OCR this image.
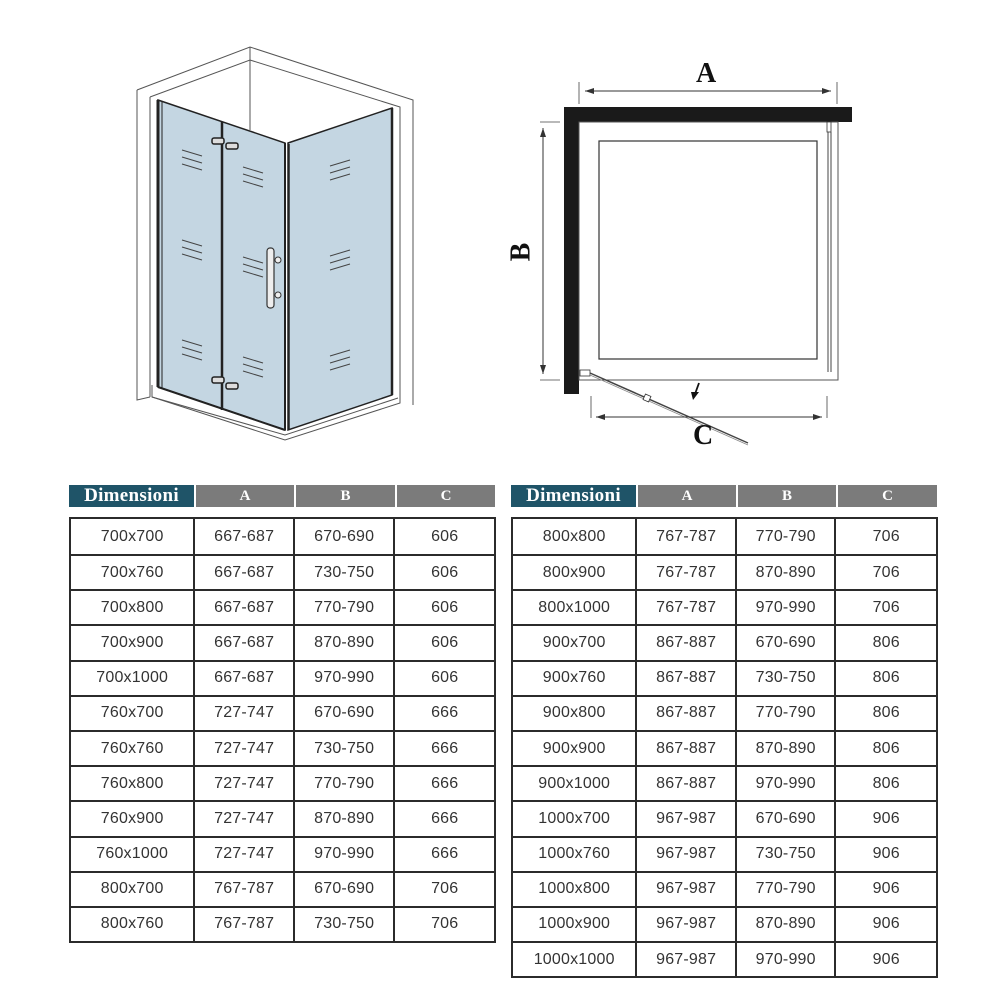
A
B
C
Dimensioni	A	B	C
700x700	667-687	670-690	606
700x760	667-687	730-750	606
700x800	667-687	770-790	606
700x900	667-687	870-890	606
700x1000	667-687	970-990	606
760x700	727-747	670-690	666
760x760	727-747	730-750	666
760x800	727-747	770-790	666
760x900	727-747	870-890	666
760x1000	727-747	970-990	666
800x700	767-787	670-690	706
800x760	767-787	730-750	706
Dimensioni	A	B	C
800x800	767-787	770-790	706
800x900	767-787	870-890	706
800x1000	767-787	970-990	706
900x700	867-887	670-690	806
900x760	867-887	730-750	806
900x800	867-887	770-790	806
900x900	867-887	870-890	806
900x1000	867-887	970-990	806
1000x700	967-987	670-690	906
1000x760	967-987	730-750	906
1000x800	967-987	770-790	906
1000x900	967-987	870-890	906
1000x1000	967-987	970-990	906
